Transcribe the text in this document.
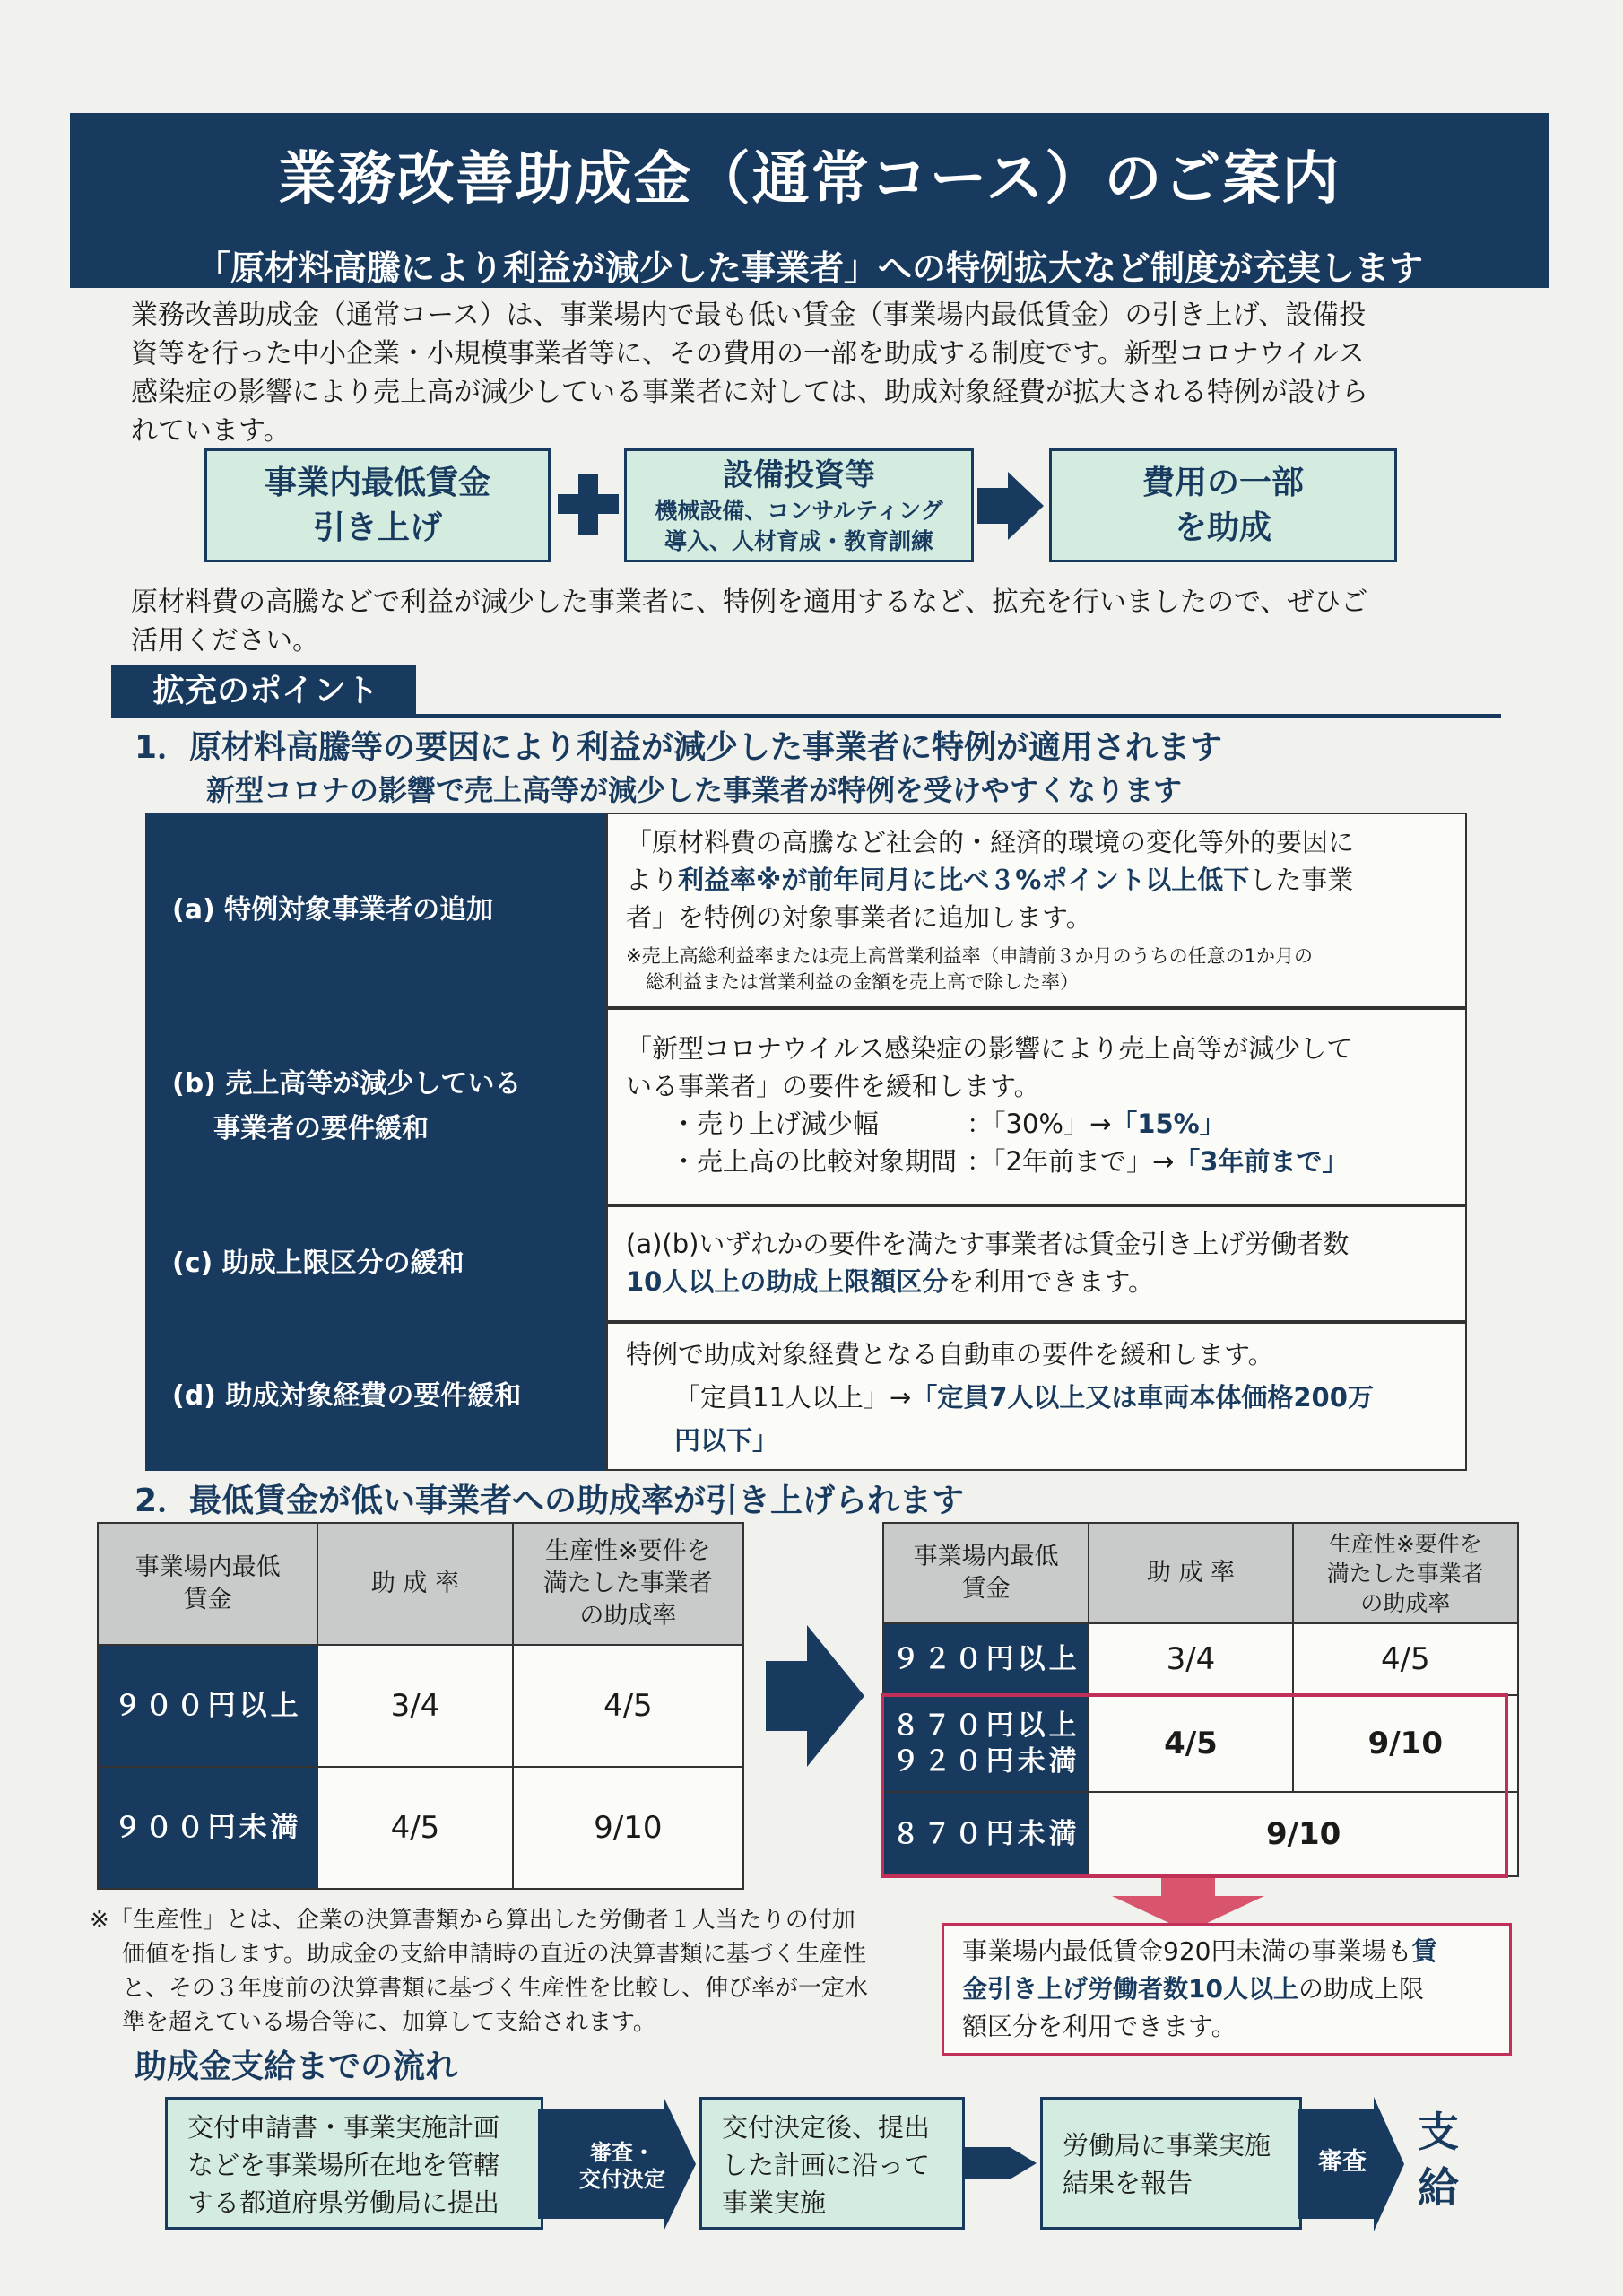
業務改善助成金（通常コース）のご案内
「原材料高騰により利益が減少した事業者」への特例拡大など制度が充実します
業務改善助成金（通常コース）は、事業場内で最も低い賃金（事業場内最低賃金）の引き上げ、設備投
資等を行った中小企業・小規模事業者等に、その費用の一部を助成する制度です。新型コロナウイルス
感染症の影響により売上高が減少している事業者に対しては、助成対象経費が拡大される特例が設けら
れています。
事業内最低賃金
引き上げ
設備投資等
機械設備、コンサルティング
導入、人材育成・教育訓練
費用の一部
を助成
原材料費の高騰などで利益が減少した事業者に、特例を適用するなど、拡充を行いましたので、ぜひご
活用ください。
拡充のポイント
1．原材料高騰等の要因により利益が減少した事業者に特例が適用されます
新型コロナの影響で売上高等が減少した事業者が特例を受けやすくなります
(a) 特例対象事業者の追加
「原材料費の高騰など社会的・経済的環境の変化等外的要因に
より利益率※が前年同月に比べ３%ポイント以上低下した事業
者」を特例の対象事業者に追加します。
※売上高総利益率または売上高営業利益率（申請前３か月のうちの任意の1か月の
総利益または営業利益の金額を売上高で除した率）
(b) 売上高等が減少している
事業者の要件緩和
「新型コロナウイルス感染症の影響により売上高等が減少して
いる事業者」の要件を緩和します。
・売り上げ減少幅	：「30%」→ 「15%」
・売上高の比較対象期間 ：「2年前まで」→ 「3年前まで」
(c) 助成上限区分の緩和
(a)(b)いずれかの要件を満たす事業者は賃金引き上げ労働者数
10人以上の助成上限額区分を利用できます。
(d) 助成対象経費の要件緩和
特例で助成対象経費となる自動車の要件を緩和します。
「定員11人以上」→「定員7人以上又は車両本体価格200万
円以下」
2．最低賃金が低い事業者への助成率が引き上げられます
事業場内最低
賃金	助 成 率	生産性※要件を
満たした事業者
の助成率
９００円以上	3/4	4/5
９００円未満	4/5	9/10
事業場内最低
賃金	助 成 率	生産性※要件を
満たした事業者
の助成率
９２０円以上	3/4	4/5
８７０円以上
９２０円未満	4/5	9/10
８７０円未満	9/10	
※「生産性」とは、企業の決算書類から算出した労働者１人当たりの付加
価値を指します。助成金の支給申請時の直近の決算書類に基づく生産性
と、その３年度前の決算書類に基づく生産性を比較し、伸び率が一定水
準を超えている場合等に、加算して支給されます。
事業場内最低賃金920円未満の事業場も賃
金引き上げ労働者数10人以上の助成上限
額区分を利用できます。
助成金支給までの流れ
交付申請書・事業実施計画
などを事業場所在地を管轄
する都道府県労働局に提出
審査・
交付決定
交付決定後、提出
した計画に沿って
事業実施
労働局に事業実施
結果を報告
審査
支
給
